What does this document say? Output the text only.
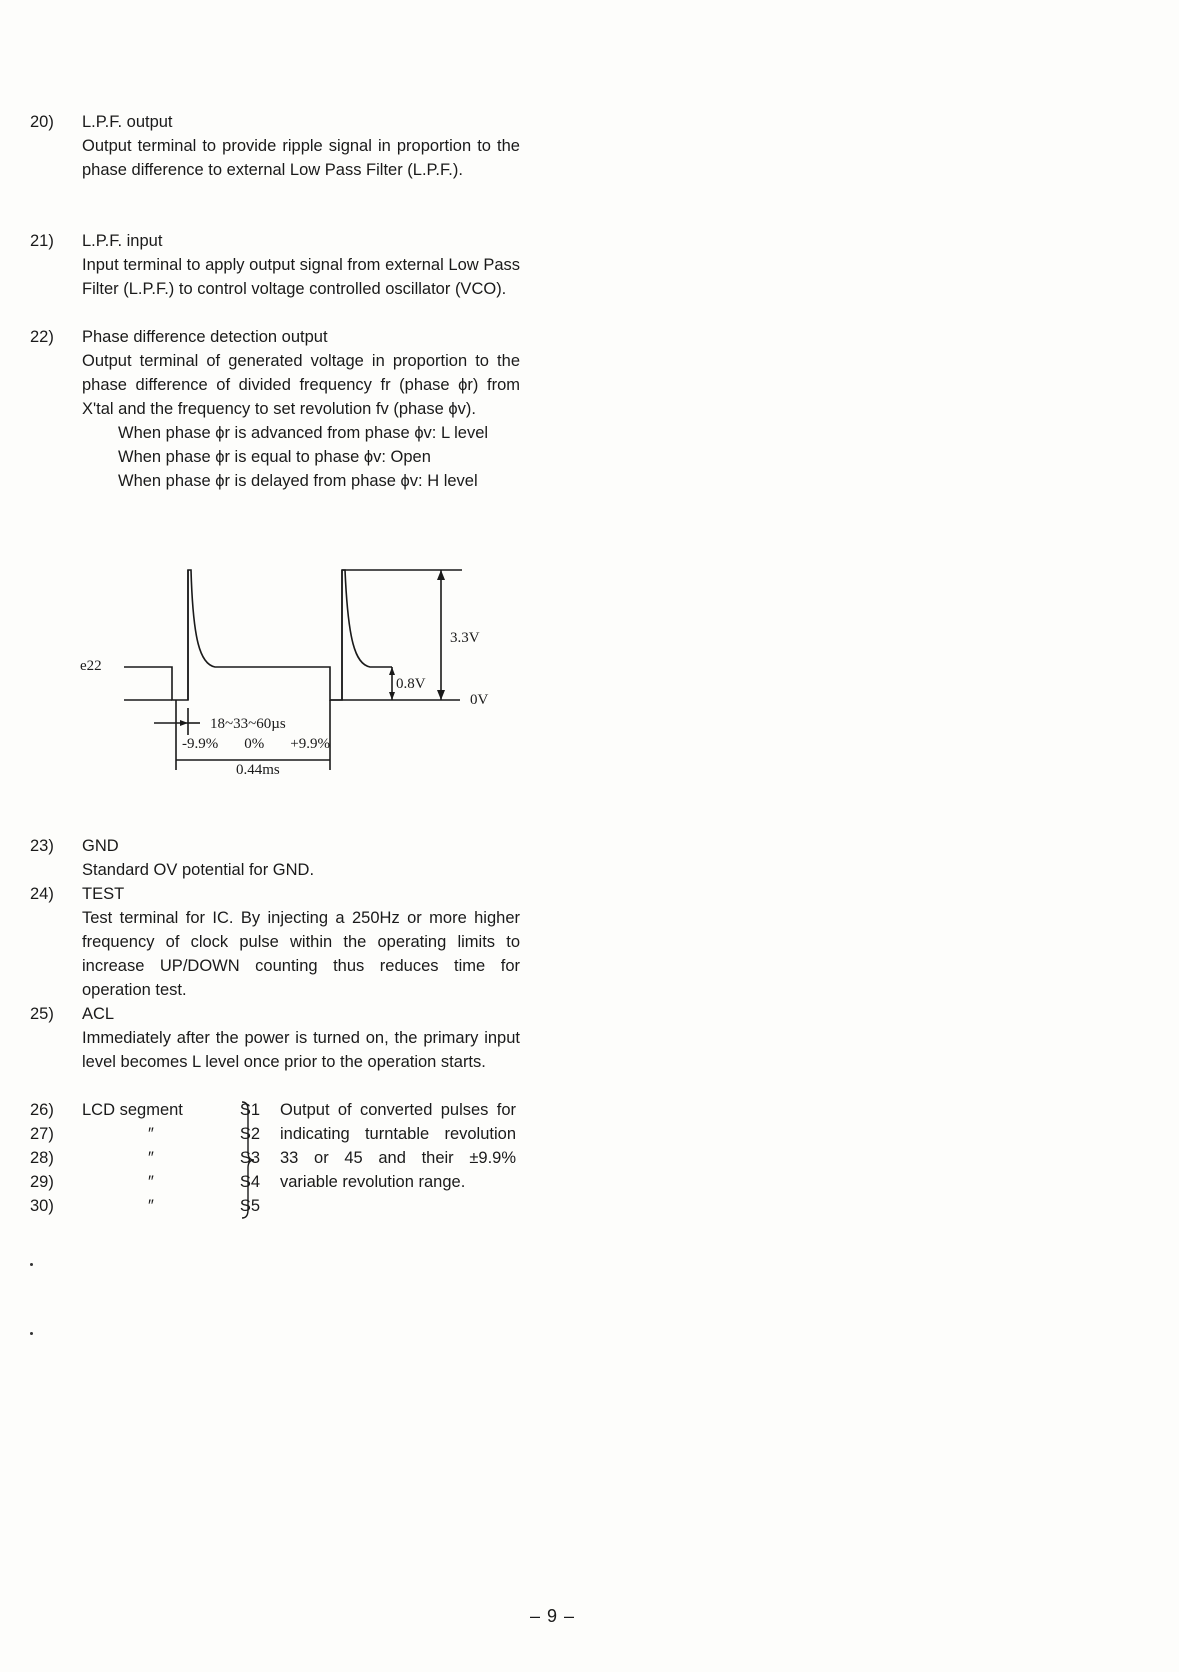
20)	L.P.F. output
Output terminal to provide ripple signal in proportion to the phase difference to external Low Pass Filter (L.P.F.).
21)	L.P.F. input
Input terminal to apply output signal from external Low Pass Filter (L.P.F.) to control voltage controlled oscillator (VCO).
22)	Phase difference detection output
Output terminal of generated voltage in proportion to the phase difference of divided frequency fr (phase ϕr) from X'tal and the frequency to set revolution fv (phase ϕv).
When phase ϕr is advanced from phase ϕv: L level
When phase ϕr is equal to phase ϕv: Open
When phase ϕr is delayed from phase ϕv: H level
e22
3.3V
0.8V
0V
18~33~60µs
-9.9% 0% +9.9%
0.44ms
23)	GND
Standard OV potential for GND.
24)	TEST
Test terminal for IC. By injecting a 250Hz or more higher frequency of clock pulse within the operating limits to increase UP/DOWN counting thus reduces time for operation test.
25)	ACL
Immediately after the power is turned on, the primary input level becomes L level once prior to the operation starts.
26) LCD segment	S1
27)	″	S2
28)	″	S3
29)	″	S4
30)	″	S5
Output of converted pulses for indicating turntable revolution 33 or 45 and their ±9.9% variable revolution range.
– 9 –
